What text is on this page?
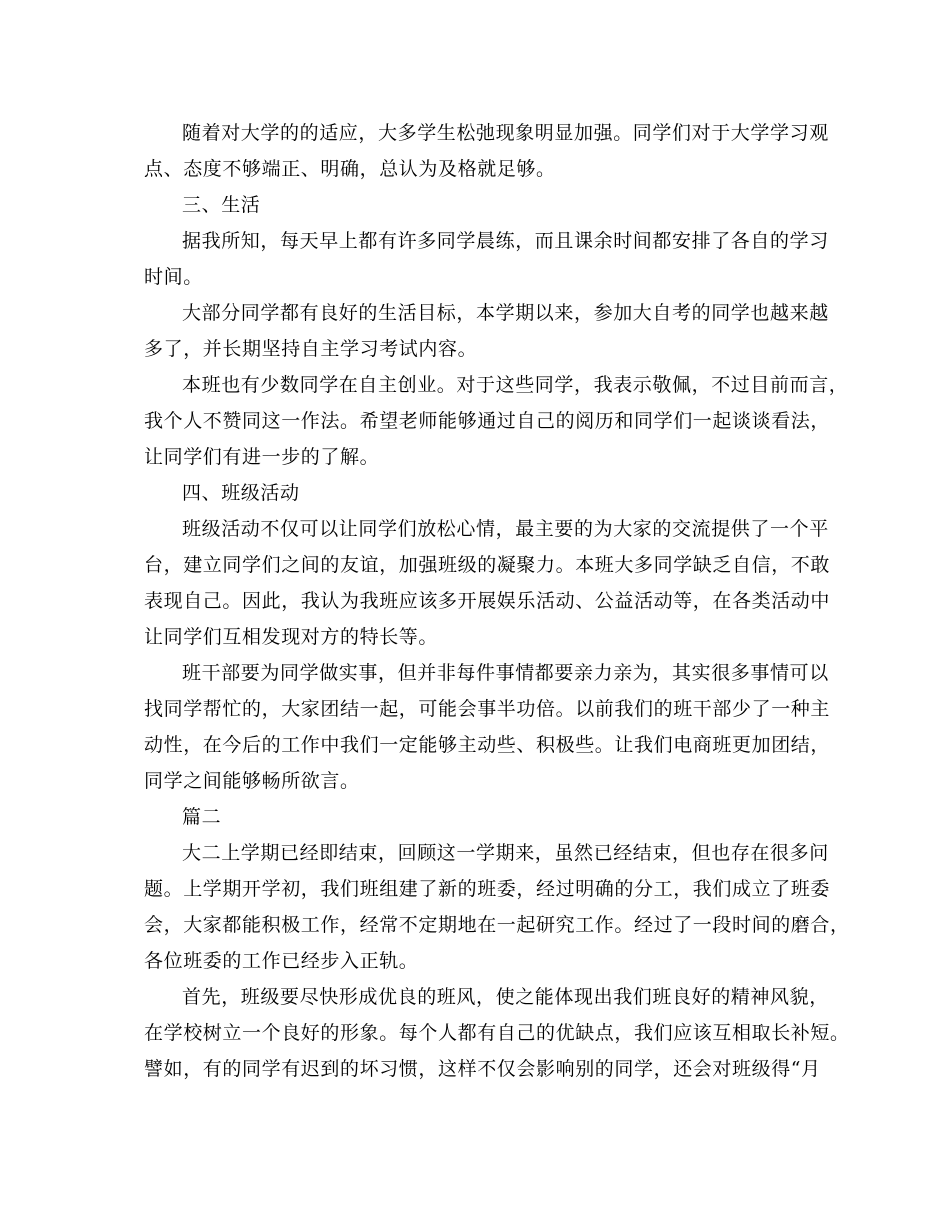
随着对大学的的适应，大多学生松弛现象明显加强。同学们对于大学学习观
点、态度不够端正、明确，总认为及格就足够。
三、生活
据我所知，每天早上都有许多同学晨练，而且课余时间都安排了各自的学习
时间。
大部分同学都有良好的生活目标，本学期以来，参加大自考的同学也越来越
多了，并长期坚持自主学习考试内容。
本班也有少数同学在自主创业。对于这些同学，我表示敬佩，不过目前而言，
我个人不赞同这一作法。希望老师能够通过自己的阅历和同学们一起谈谈看法，
让同学们有进一步的了解。
四、班级活动
班级活动不仅可以让同学们放松心情，最主要的为大家的交流提供了一个平
台，建立同学们之间的友谊，加强班级的凝聚力。本班大多同学缺乏自信，不敢
表现自己。因此，我认为我班应该多开展娱乐活动、公益活动等，在各类活动中
让同学们互相发现对方的特长等。
班干部要为同学做实事，但并非每件事情都要亲力亲为，其实很多事情可以
找同学帮忙的，大家团结一起，可能会事半功倍。以前我们的班干部少了一种主
动性，在今后的工作中我们一定能够主动些、积极些。让我们电商班更加团结，
同学之间能够畅所欲言。
篇二
大二上学期已经即结束，回顾这一学期来，虽然已经结束，但也存在很多问
题。上学期开学初，我们班组建了新的班委，经过明确的分工，我们成立了班委
会，大家都能积极工作，经常不定期地在一起研究工作。经过了一段时间的磨合，
各位班委的工作已经步入正轨。
首先，班级要尽快形成优良的班风，使之能体现出我们班良好的精神风貌，
在学校树立一个良好的形象。每个人都有自己的优缺点，我们应该互相取长补短。
譬如，有的同学有迟到的坏习惯，这样不仅会影响别的同学，还会对班级得“月
